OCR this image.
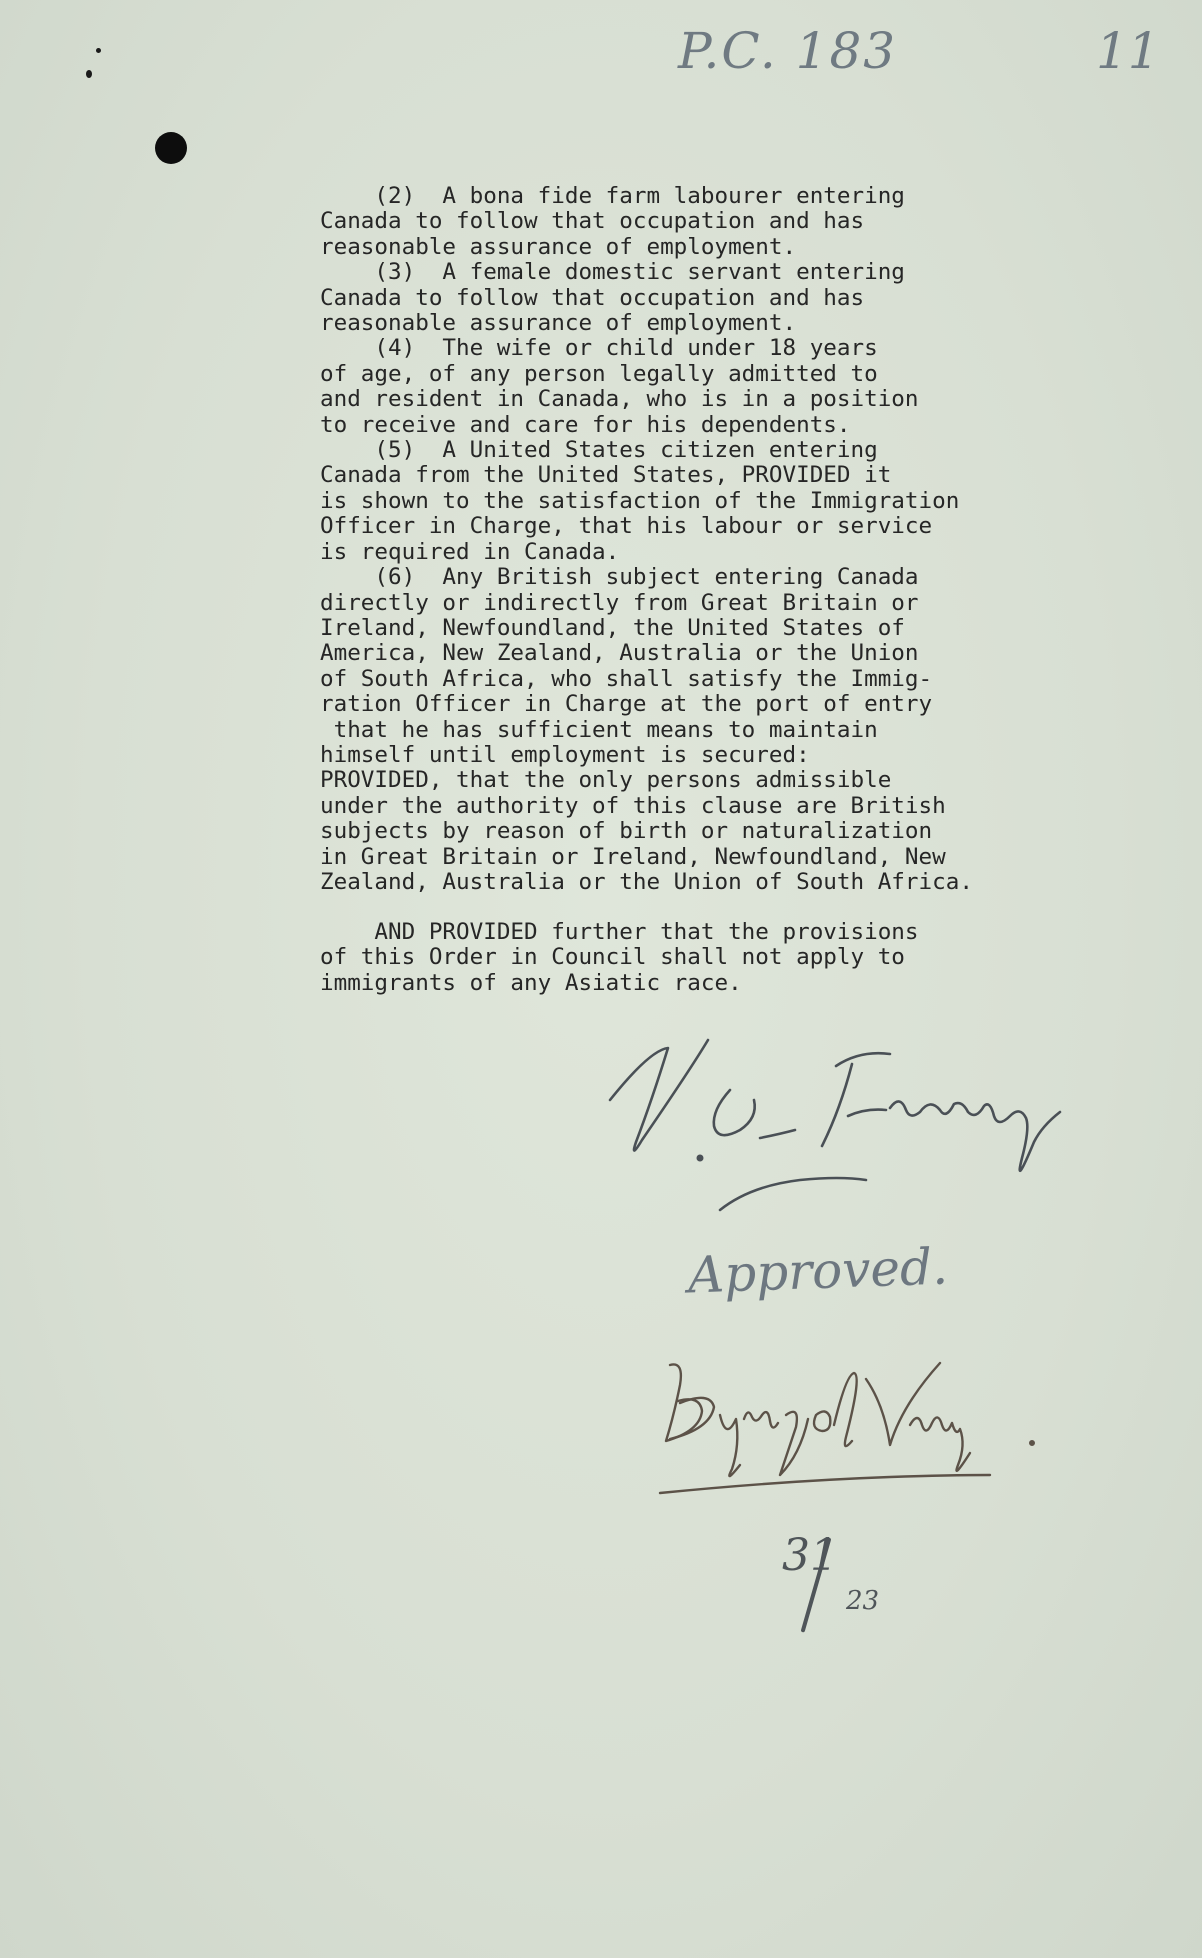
P.C. 183	11

(2)  A bona fide farm labourer entering
Canada to follow that occupation and has
reasonable assurance of employment.
(3)  A female domestic servant entering
Canada to follow that occupation and has
reasonable assurance of employment.
(4)  The wife or child under 18 years
of age, of any person legally admitted to
and resident in Canada, who is in a position
to receive and care for his dependents.
(5)  A United States citizen entering
Canada from the United States, PROVIDED it
is shown to the satisfaction of the Immigration
Officer in Charge, that his labour or service
is required in Canada.
(6)  Any British subject entering Canada
directly or indirectly from Great Britain or
Ireland, Newfoundland, the United States of
America, New Zealand, Australia or the Union
of South Africa, who shall satisfy the Immig-
ration Officer in Charge at the port of entry
that he has sufficient means to maintain
himself until employment is secured:
PROVIDED, that the only persons admissible
under the authority of this clause are British
subjects by reason of birth or naturalization
in Great Britain or Ireland, Newfoundland, New
Zealand, Australia or the Union of South Africa.

AND PROVIDED further that the provisions
of this Order in Council shall not apply to
immigrants of any Asiatic race.

Approved.

31
23
